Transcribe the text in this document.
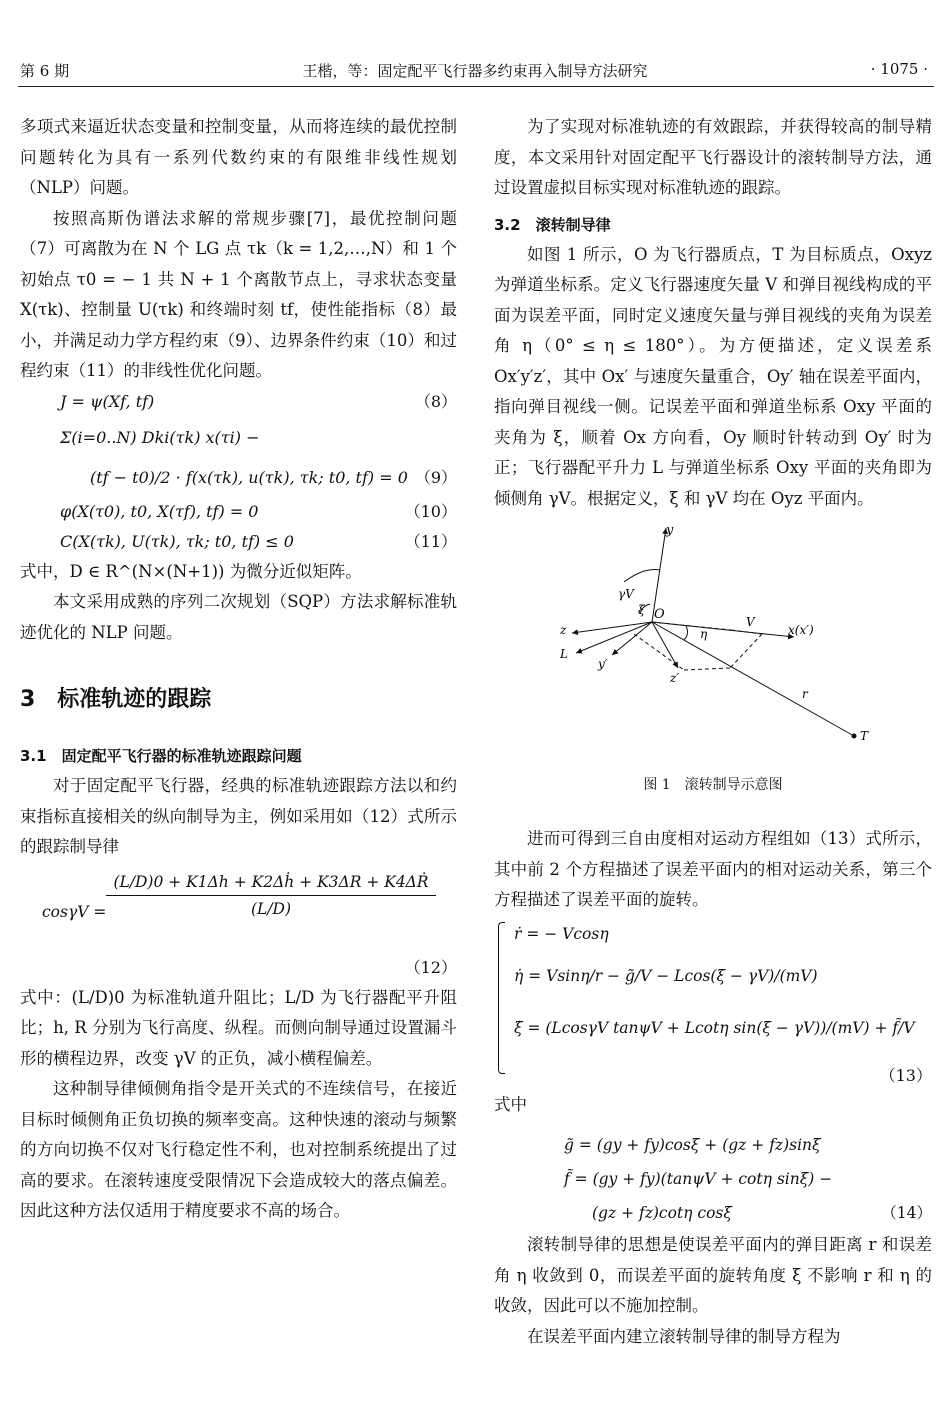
第 6 期	王楷，等：固定配平飞行器多约束再入制导方法研究	· 1075 ·

多项式来逼近状态变量和控制变量，从而将连续的最优控制问题转化为具有一系列代数约束的有限维非线性规划（NLP）问题。

按照高斯伪谱法求解的常规步骤[7]，最优控制问题（7）可离散为在 N 个 LG 点 τk（k = 1,2,…,N）和 1 个初始点 τ0 = − 1 共 N + 1 个离散节点上，寻求状态变量 X(τk)、控制量 U(τk) 和终端时刻 tf，使性能指标（8）最小，并满足动力学方程约束（9）、边界条件约束（10）和过程约束（11）的非线性优化问题。

J = ψ(Xf, tf)	（8）
Σ(i=0..N) Dki(τk) x(τi) −
(tf − t0)/2 · f(x(τk), u(τk), τk; t0, tf) = 0 （9）
φ(X(τ0), t0, X(τf), tf) = 0	（10）
C(X(τk), U(τk), τk; t0, tf) ≤ 0	（11）

式中，D ∈ R^(N×(N+1)) 为微分近似矩阵。

本文采用成熟的序列二次规划（SQP）方法求解标准轨迹优化的 NLP 问题。

3　标准轨迹的跟踪
3.1　固定配平飞行器的标准轨迹跟踪问题

对于固定配平飞行器，经典的标准轨迹跟踪方法以和约束指标直接相关的纵向制导为主，例如采用如（12）式所示的跟踪制导律

$\cos\gamma V = \frac{\text{(L/D)0 + K1Δh + K2Δḣ + K3ΔR + K4ΔṘ}}{(L/D)}$
（12）

式中：(L/D)0 为标准轨道升阻比；L/D 为飞行器配平升阻比；h, R 分别为飞行高度、纵程。而侧向制导通过设置漏斗形的横程边界，改变 γV 的正负，减小横程偏差。

这种制导律倾侧角指令是开关式的不连续信号，在接近目标时倾侧角正负切换的频率变高。这种快速的滚动与频繁的方向切换不仅对飞行稳定性不利，也对控制系统提出了过高的要求。在滚转速度受限情况下会造成较大的落点偏差。因此这种方法仅适用于精度要求不高的场合。

为了实现对标准轨迹的有效跟踪，并获得较高的制导精度，本文采用针对固定配平飞行器设计的滚转制导方法，通过设置虚拟目标实现对标准轨迹的跟踪。

3.2　滚转制导律

如图 1 所示，O 为飞行器质点，T 为目标质点，Oxyz 为弹道坐标系。定义飞行器速度矢量 V 和弹目视线构成的平面为误差平面，同时定义速度矢量与弹目视线的夹角为误差角 η（0° ≤ η ≤ 180°）。为方便描述，定义误差系 Ox′y′z′，其中 Ox′ 与速度矢量重合，Oy′ 轴在误差平面内，指向弹目视线一侧。记误差平面和弹道坐标系 Oxy 平面的夹角为 ξ，顺着 Ox 方向看，Oy 顺时针转动到 Oy′ 时为正；飞行器配平升力 L 与弹道坐标系 Oxy 平面的夹角即为倾侧角 γV。根据定义，ξ 和 γV 均在 Oyz 平面内。

y
O
γV
ξ
z
L
y′
z′
η
V
x(x′)
r
T
图 1　滚转制导示意图

进而可得到三自由度相对运动方程组如（13）式所示，其中前 2 个方程描述了误差平面内的相对运动关系，第三个方程描述了误差平面的旋转。

ṙ = − Vcosη
η̇ = Vsinη/r − g̃/V − Lcos(ξ − γV)/(mV)
ξ̇ = (LcosγV tanψV + Lcotη sin(ξ − γV))/(mV) + f̃/V
（13）

式中

g̃ = (gy + fy)cosξ + (gz + fz)sinξ
f̃ = (gy + fy)(tanψV + cotη sinξ) −
(gz + fz)cotη cosξ	（14）

滚转制导律的思想是使误差平面内的弹目距离 r 和误差角 η 收敛到 0，而误差平面的旋转角度 ξ 不影响 r 和 η 的收敛，因此可以不施加控制。

在误差平面内建立滚转制导律的制导方程为
